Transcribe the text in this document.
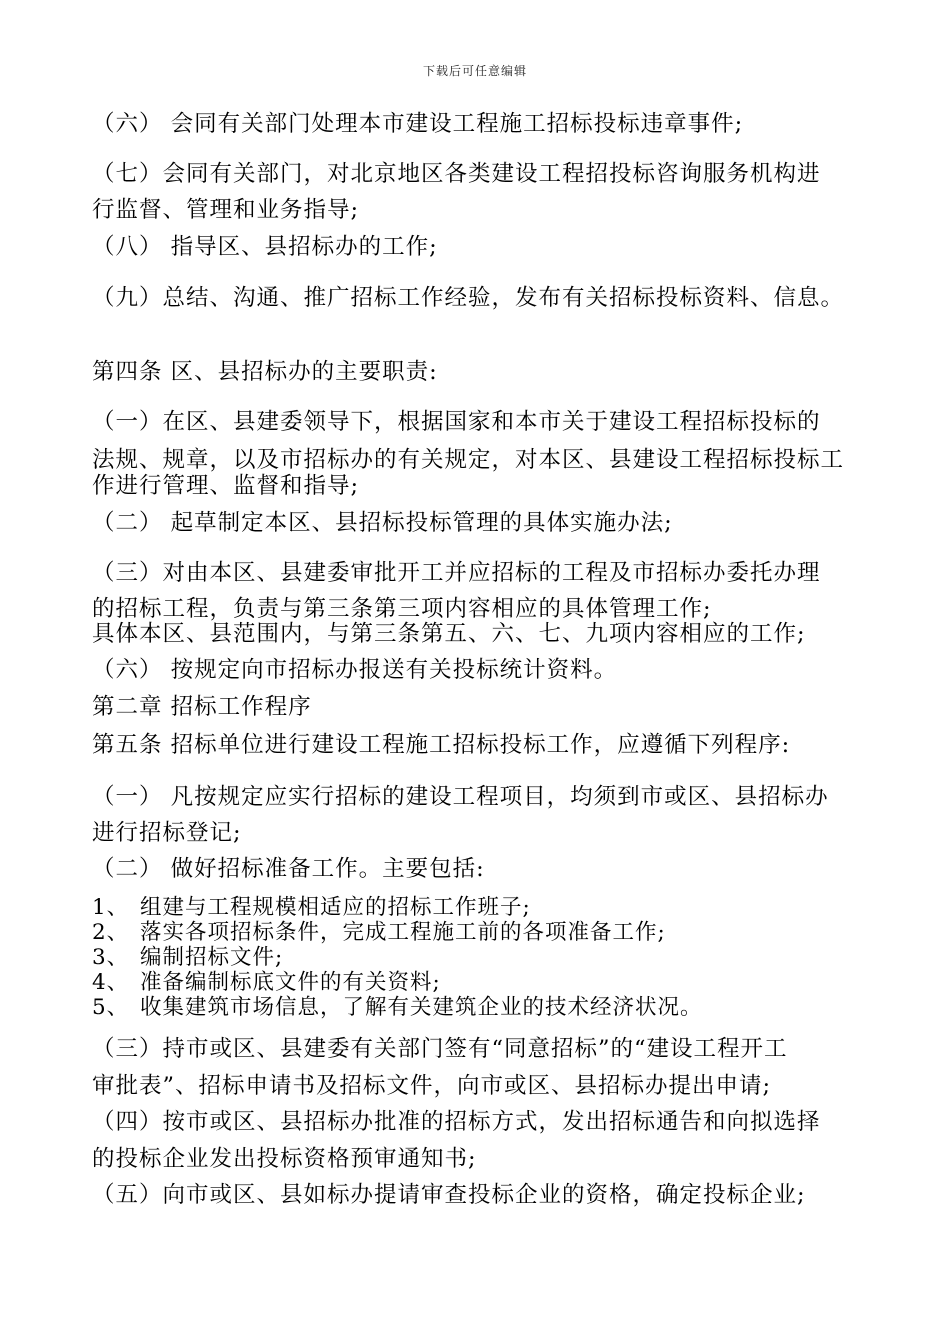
下载后可任意编辑
（六） 会同有关部门处理本市建设工程施工招标投标违章事件;
（七）会同有关部门，对北京地区各类建设工程招投标咨询服务机构进
行监督、管理和业务指导;
（八） 指导区、县招标办的工作;
（九）总结、沟通、推广招标工作经验，发布有关招标投标资料、信息。
第四条 区、县招标办的主要职责:
（一）在区、县建委领导下，根据国家和本市关于建设工程招标投标的
法规、规章，以及市招标办的有关规定，对本区、县建设工程招标投标工
作进行管理、监督和指导;
（二） 起草制定本区、县招标投标管理的具体实施办法;
（三）对由本区、县建委审批开工并应招标的工程及市招标办委托办理
的招标工程，负责与第三条第三项内容相应的具体管理工作;
具体本区、县范围内，与第三条第五、六、七、九项内容相应的工作;
（六） 按规定向市招标办报送有关投标统计资料。
第二章 招标工作程序
第五条 招标单位进行建设工程施工招标投标工作，应遵循下列程序:
（一） 凡按规定应实行招标的建设工程项目，均须到市或区、县招标办
进行招标登记;
（二） 做好招标准备工作。主要包括:
1、 组建与工程规模相适应的招标工作班子;
2、 落实各项招标条件，完成工程施工前的各项准备工作;
3、 编制招标文件;
4、 准备编制标底文件的有关资料;
5、 收集建筑市场信息，了解有关建筑企业的技术经济状况。
（三）持市或区、县建委有关部门签有“同意招标”的“建设工程开工
审批表”、招标申请书及招标文件，向市或区、县招标办提出申请;
（四）按市或区、县招标办批准的招标方式，发出招标通告和向拟选择
的投标企业发出投标资格预审通知书;
（五）向市或区、县如标办提请审查投标企业的资格，确定投标企业;
